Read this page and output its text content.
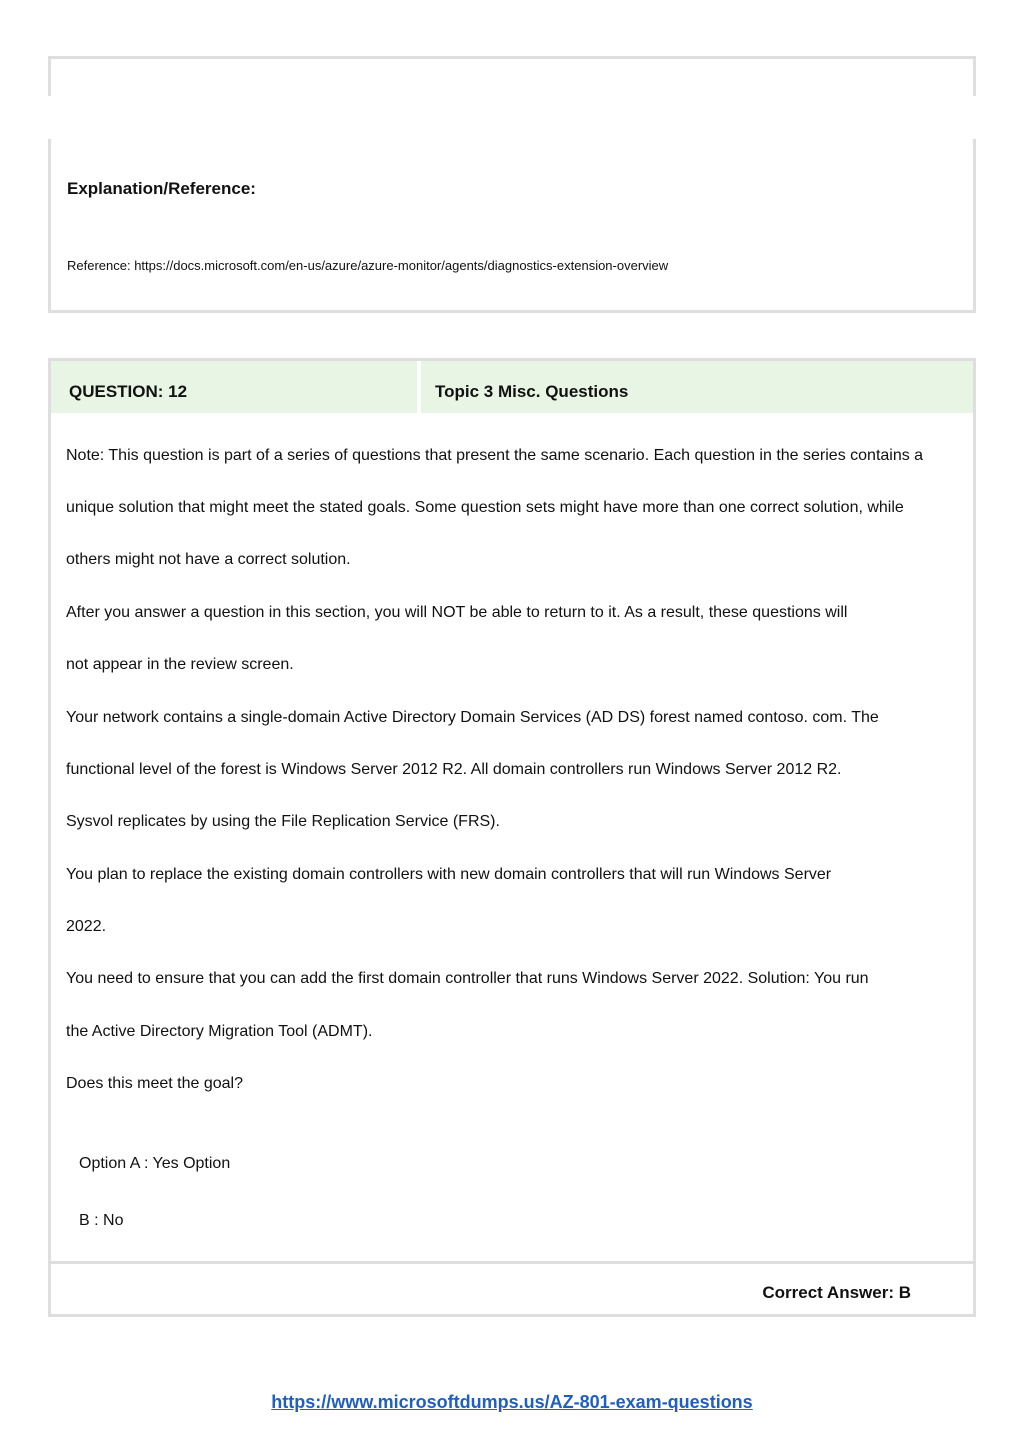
Explanation/Reference:
Reference: https://docs.microsoft.com/en-us/azure/azure-monitor/agents/diagnostics-extension-overview
QUESTION: 12	Topic 3 Misc. Questions
Note: This question is part of a series of questions that present the same scenario. Each question in the series contains a
unique solution that might meet the stated goals. Some question sets might have more than one correct solution, while
others might not have a correct solution.
After you answer a question in this section, you will NOT be able to return to it. As a result, these questions will
not appear in the review screen.
Your network contains a single-domain Active Directory Domain Services (AD DS) forest named contoso. com. The
functional level of the forest is Windows Server 2012 R2. All domain controllers run Windows Server 2012 R2.
Sysvol replicates by using the File Replication Service (FRS).
You plan to replace the existing domain controllers with new domain controllers that will run Windows Server
2022.
You need to ensure that you can add the first domain controller that runs Windows Server 2022. Solution: You run
the Active Directory Migration Tool (ADMT).
Does this meet the goal?
Option A : Yes Option
B : No
Correct Answer: B
https://www.microsoftdumps.us/AZ-801-exam-questions
